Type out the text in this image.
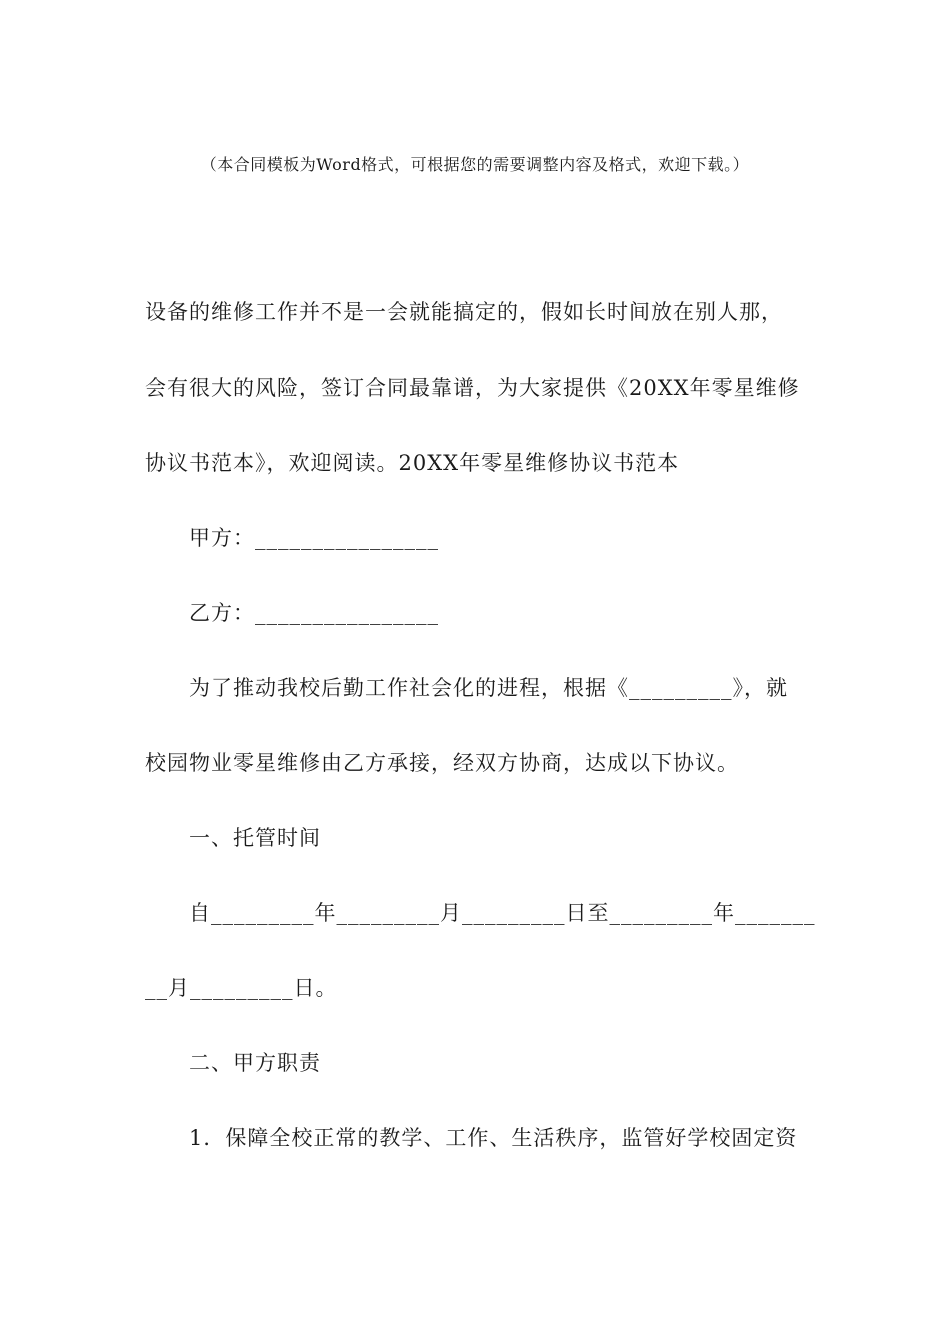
（本合同模板为Word格式，可根据您的需要调整内容及格式，欢迎下载。）
设备的维修工作并不是一会就能搞定的，假如长时间放在别人那，
会有很大的风险，签订合同最靠谱，为大家提供《20XX年零星维修
协议书范本》，欢迎阅读。20XX年零星维修协议书范本
甲方：________________
乙方：________________
为了推动我校后勤工作社会化的进程，根据《_________》，就
校园物业零星维修由乙方承接，经双方协商，达成以下协议。
一、托管时间
自_________年_________月_________日至_________年_______
__月_________日。
二、甲方职责
1．保障全校正常的教学、工作、生活秩序，监管好学校固定资
